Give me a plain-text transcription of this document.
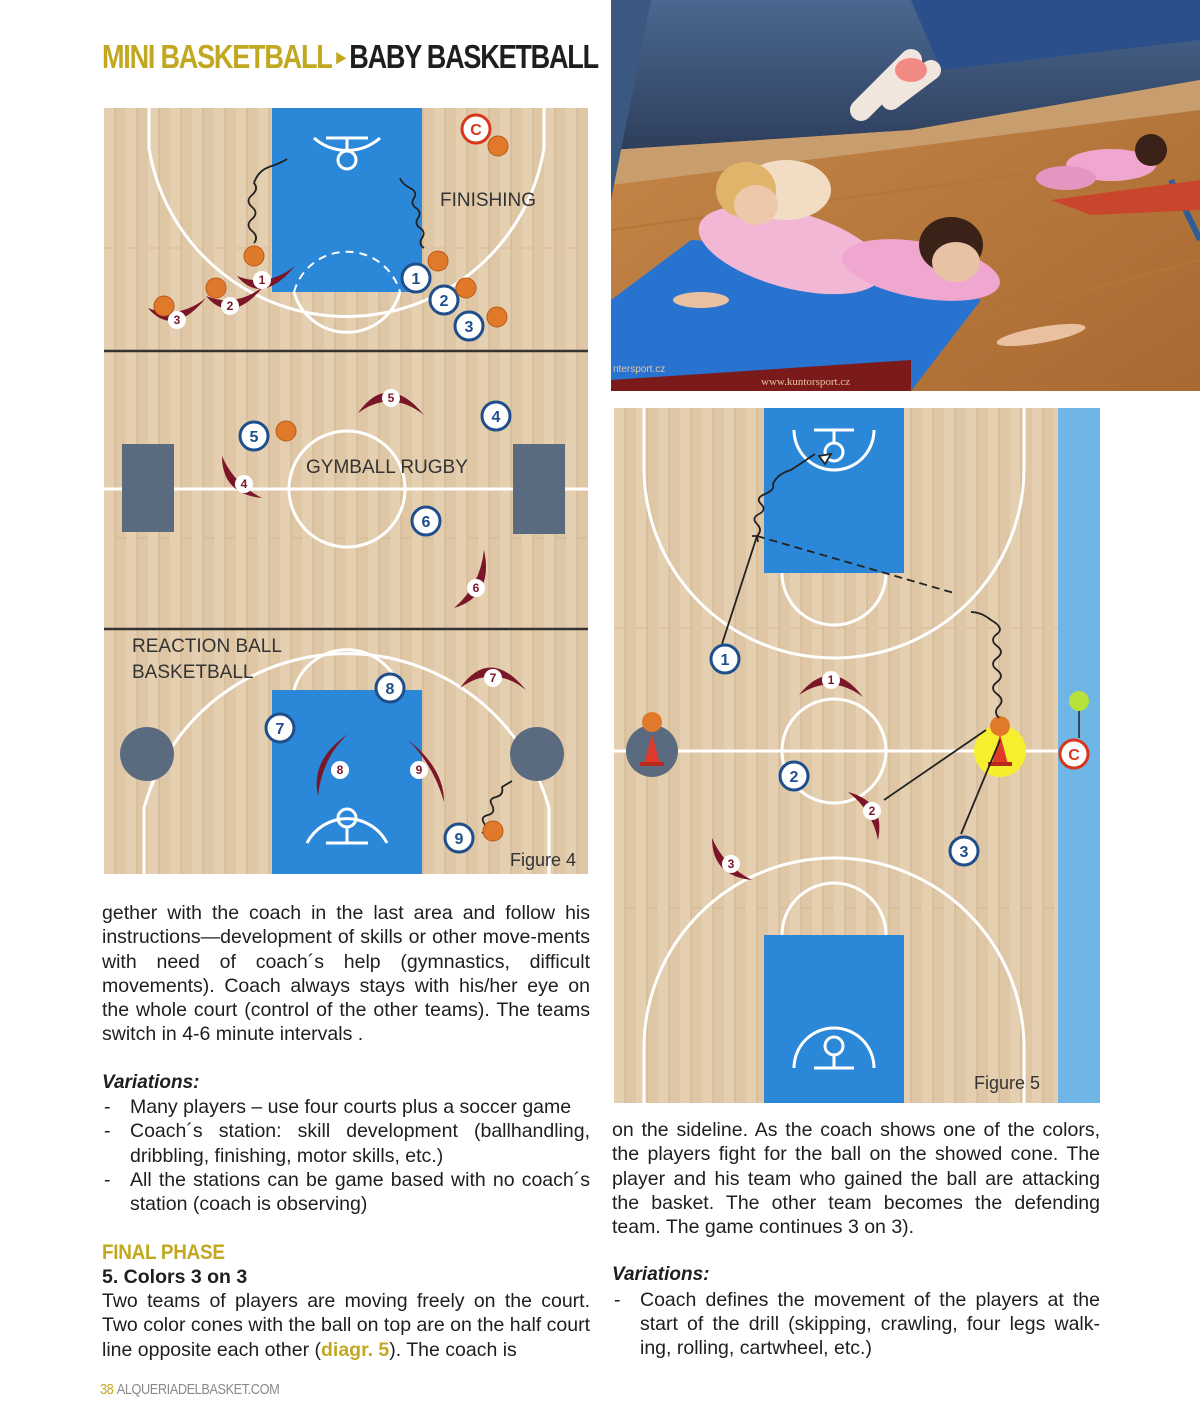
MINI BASKETBALL ▸ BABY BASKETBALL
3
2
1
5
4
6
7
8	9
1
2
3
4
5
6
7
8
9
C
FINISHING
GYMBALL RUGBY
REACTION BALL
BASKETBALL
Figure 4
ntersport.cz
www.kuntorsport.cz
C
1
2
3
1
2
3
Figure 5

gether with the coach in the last area and follow his instructions—development of skills or other move-ments with need of coach´s help (gymnastics, difficult movements). Coach always stays with his/her eye on the whole court (control of the other teams). The teams switch in 4-6 minute intervals .

Variations:
- Many players – use four courts plus a soccer game
- Coach´s station: skill development (ballhandling, dribbling, finishing, motor skills, etc.)
- All the stations can be game based with no coach´s station (coach is observing)
FINAL PHASE
5. Colors 3 on 3

Two teams of players are moving freely on the court. Two color cones with the ball on top are on the half court line opposite each other (diagr. 5). The coach is

on the sideline. As the coach shows one of the colors, the players fight for the ball on the showed cone. The player and his team who gained the ball are attacking the basket. The other team becomes the defending team. The game continues 3 on 3).

Variations:
- Coach defines the movement of the players at the start of the drill (skipping, crawling, four legs walk-ing, rolling, cartwheel, etc.)
38 ALQUERIADELBASKET.COM
